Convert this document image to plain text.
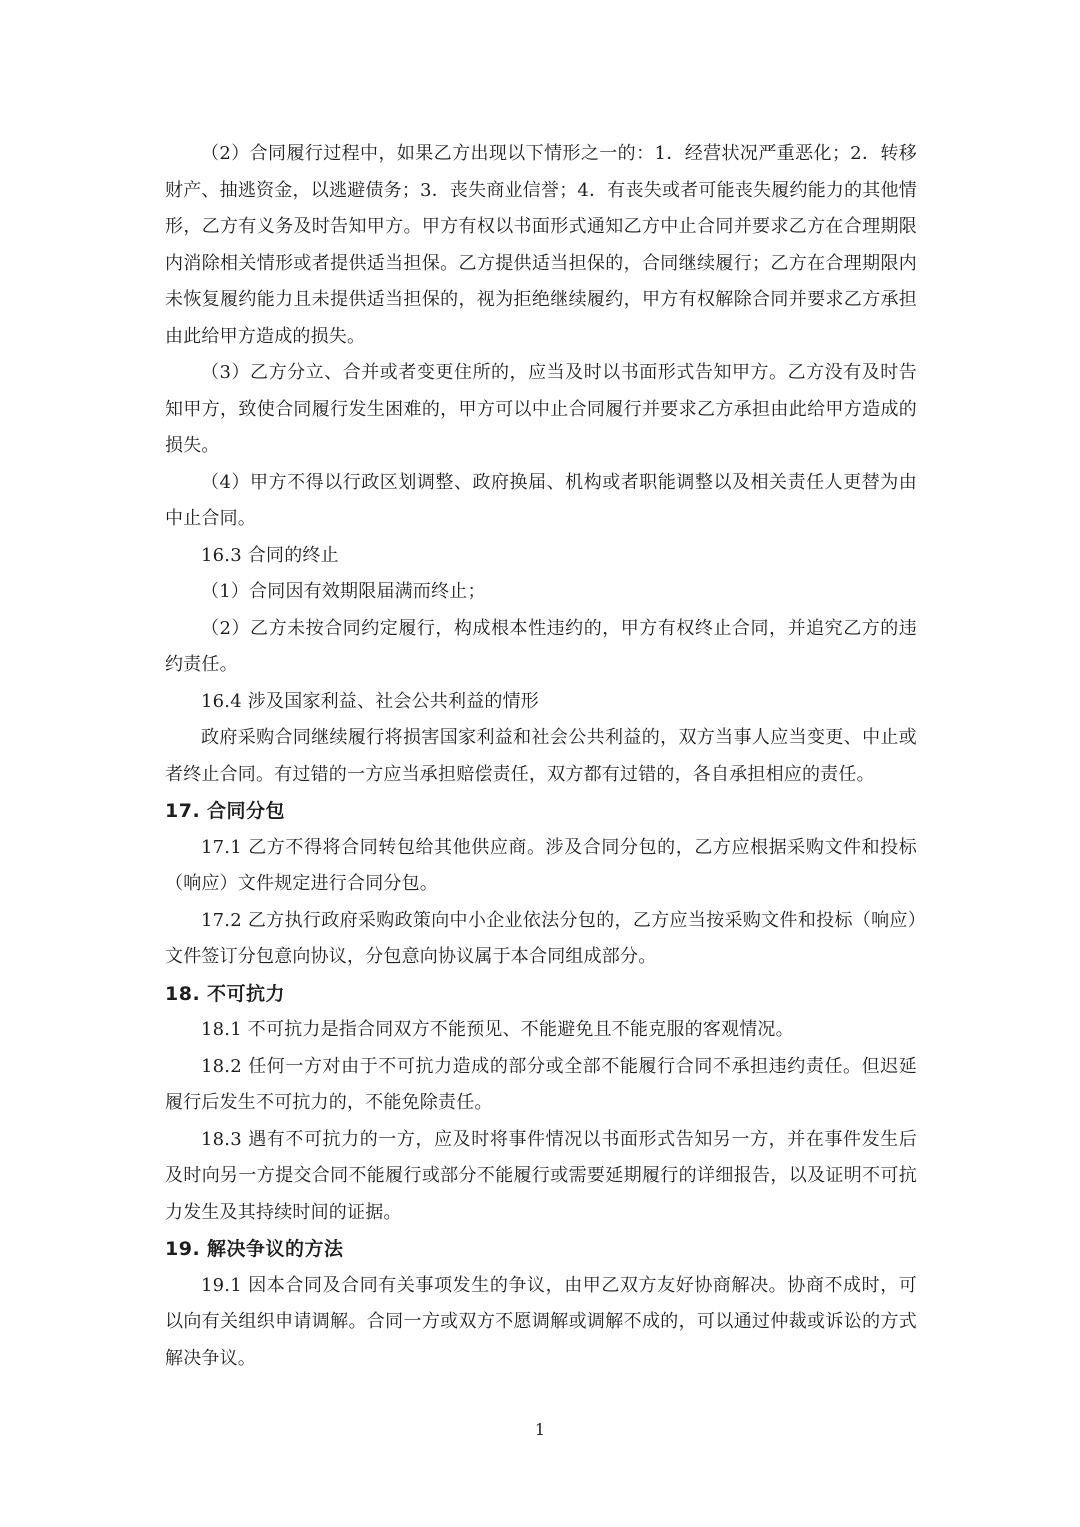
（2）合同履行过程中，如果乙方出现以下情形之一的：1．经营状况严重恶化；2．转移财产、抽逃资金，以逃避债务；3．丧失商业信誉；4．有丧失或者可能丧失履约能力的其他情形，乙方有义务及时告知甲方。甲方有权以书面形式通知乙方中止合同并要求乙方在合理期限内消除相关情形或者提供适当担保。乙方提供适当担保的，合同继续履行；乙方在合理期限内未恢复履约能力且未提供适当担保的，视为拒绝继续履约，甲方有权解除合同并要求乙方承担由此给甲方造成的损失。

（3）乙方分立、合并或者变更住所的，应当及时以书面形式告知甲方。乙方没有及时告知甲方，致使合同履行发生困难的，甲方可以中止合同履行并要求乙方承担由此给甲方造成的损失。

（4）甲方不得以行政区划调整、政府换届、机构或者职能调整以及相关责任人更替为由中止合同。

16.3 合同的终止

（1）合同因有效期限届满而终止；

（2）乙方未按合同约定履行，构成根本性违约的，甲方有权终止合同，并追究乙方的违约责任。

16.4 涉及国家利益、社会公共利益的情形

政府采购合同继续履行将损害国家利益和社会公共利益的，双方当事人应当变更、中止或者终止合同。有过错的一方应当承担赔偿责任，双方都有过错的，各自承担相应的责任。

17. 合同分包

17.1 乙方不得将合同转包给其他供应商。涉及合同分包的，乙方应根据采购文件和投标（响应）文件规定进行合同分包。

17.2 乙方执行政府采购政策向中小企业依法分包的，乙方应当按采购文件和投标（响应）文件签订分包意向协议，分包意向协议属于本合同组成部分。

18. 不可抗力

18.1 不可抗力是指合同双方不能预见、不能避免且不能克服的客观情况。

18.2 任何一方对由于不可抗力造成的部分或全部不能履行合同不承担违约责任。但迟延履行后发生不可抗力的，不能免除责任。

18.3 遇有不可抗力的一方，应及时将事件情况以书面形式告知另一方，并在事件发生后及时向另一方提交合同不能履行或部分不能履行或需要延期履行的详细报告，以及证明不可抗力发生及其持续时间的证据。

19. 解决争议的方法

19.1 因本合同及合同有关事项发生的争议，由甲乙双方友好协商解决。协商不成时，可以向有关组织申请调解。合同一方或双方不愿调解或调解不成的，可以通过仲裁或诉讼的方式解决争议。

1
